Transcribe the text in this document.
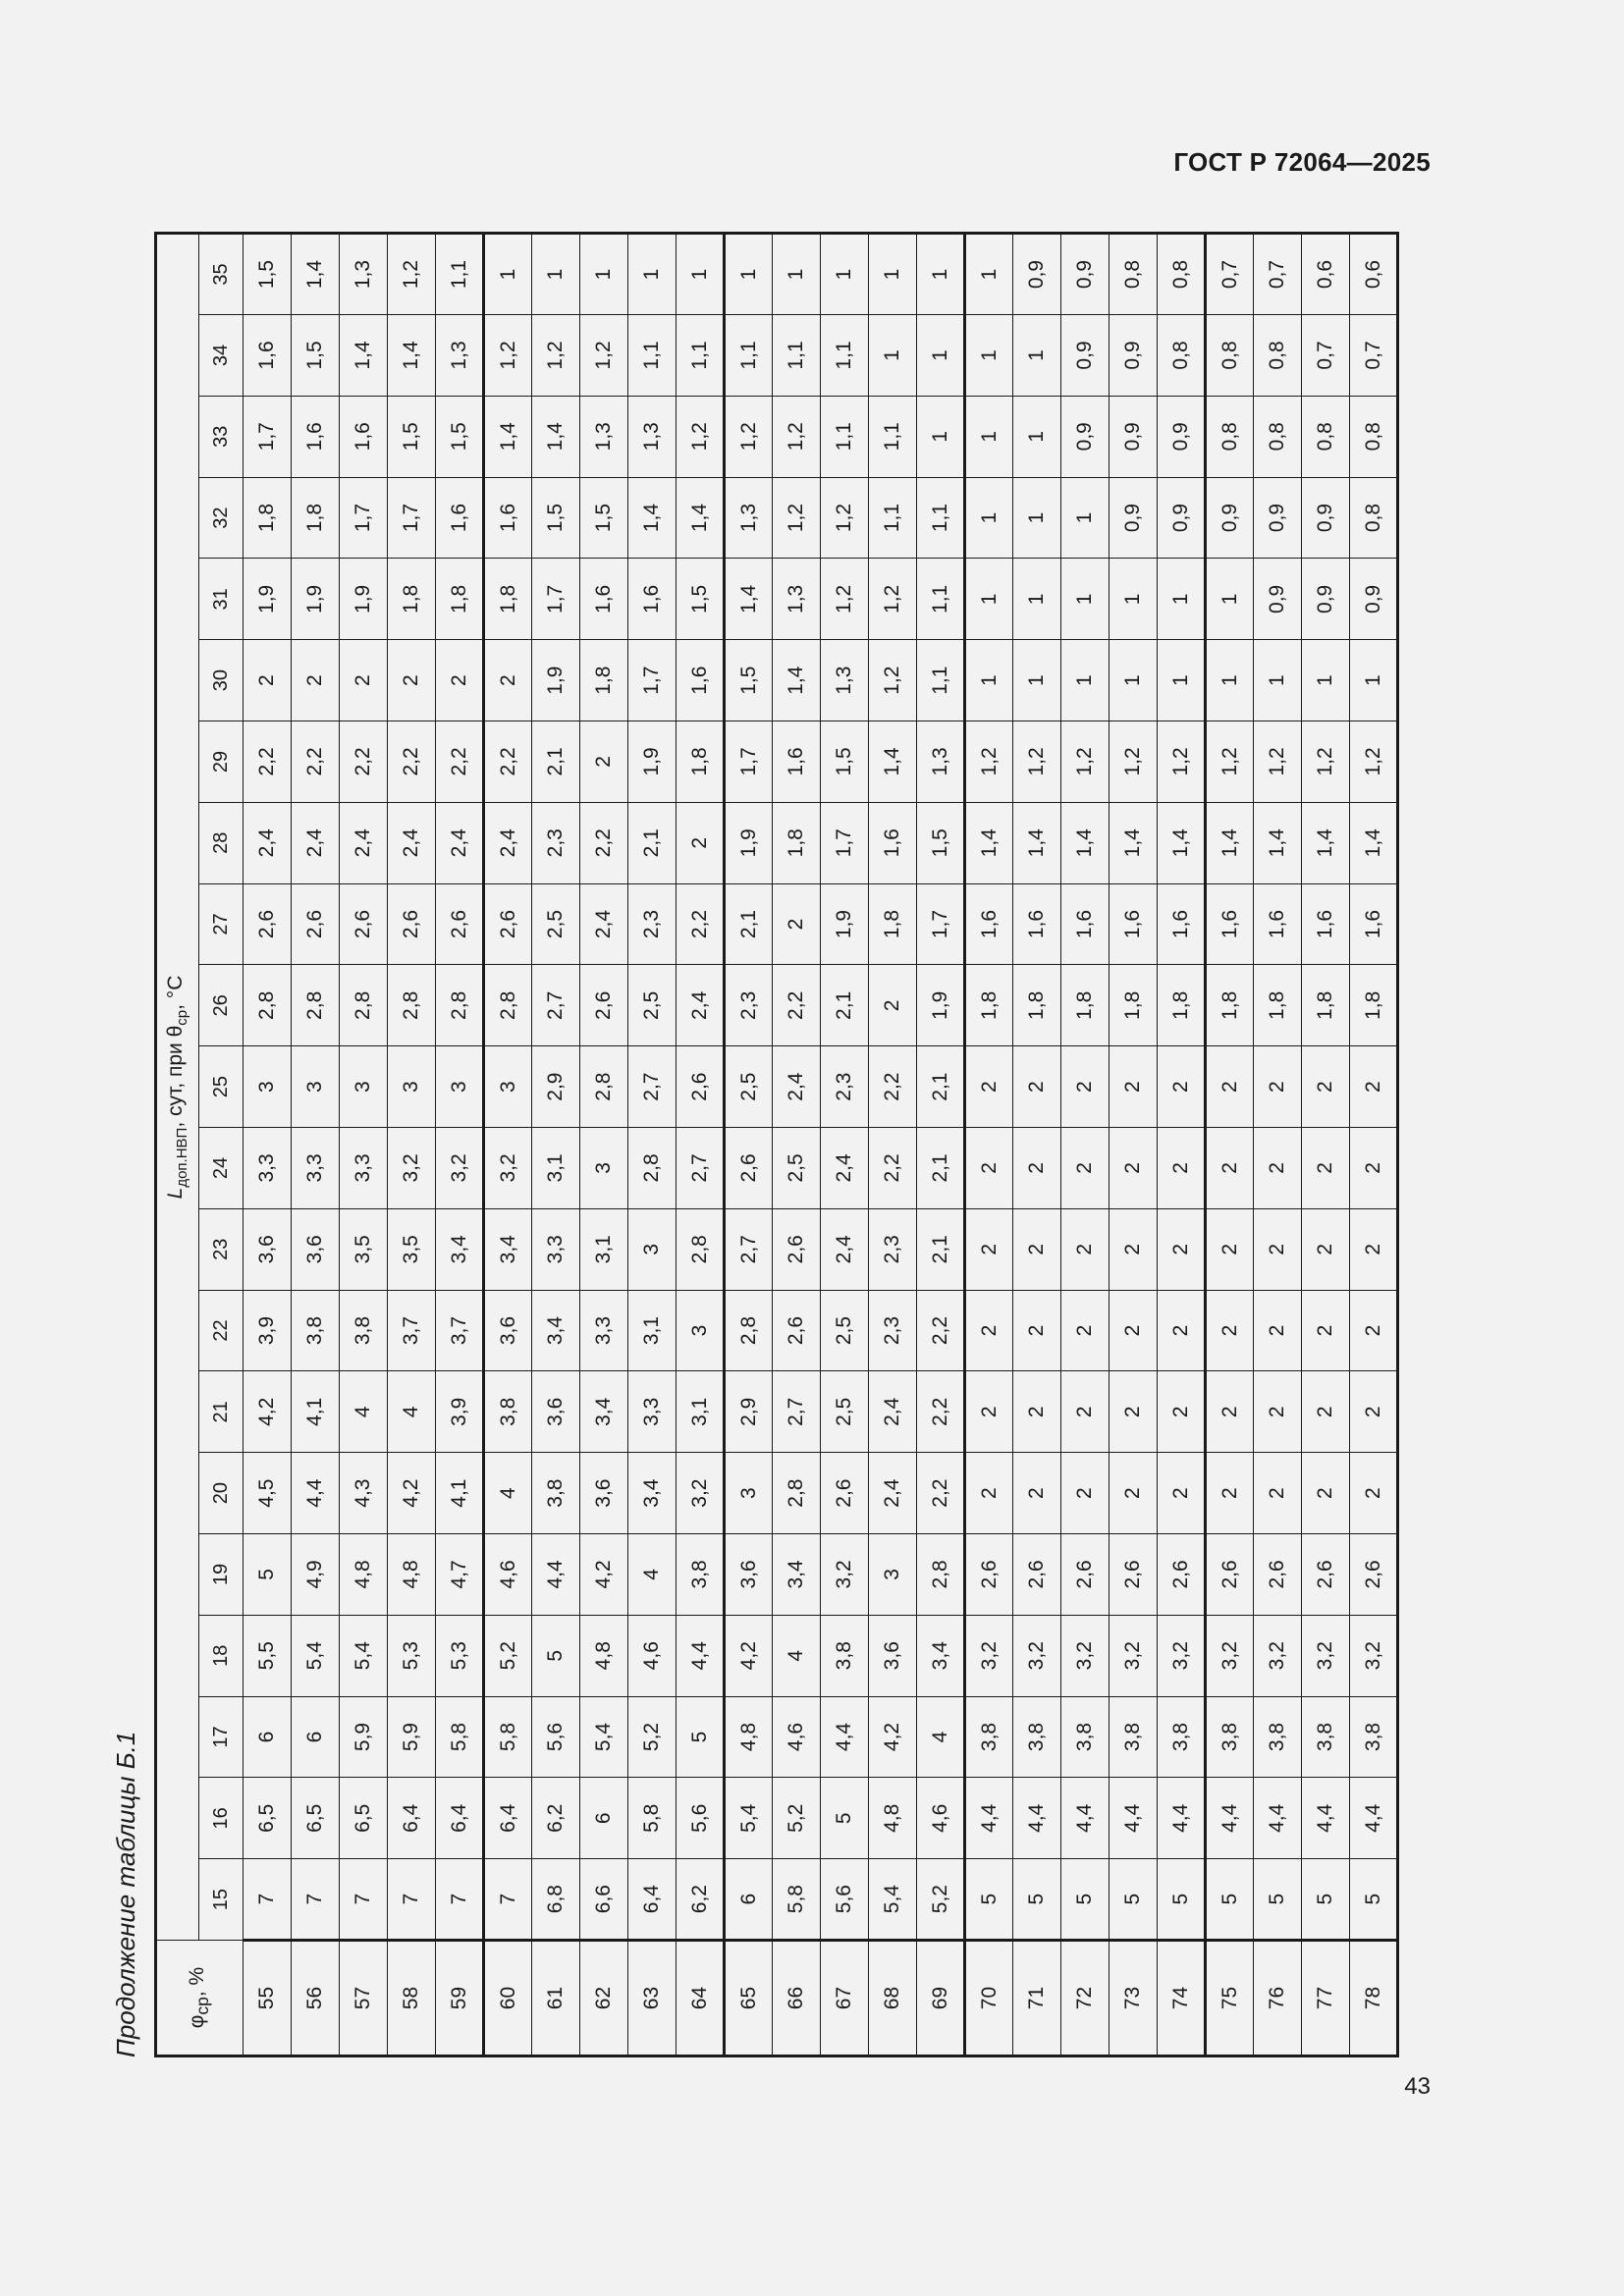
ГОСТ Р 72064—2025
Продолжение таблицы Б.1 $\varphi_{ср}$, %	$L_{доп.НВП}$, сут, при $\theta_{ср}$, °С																				
	15	16	17	18	19	20	21	22	23	24	25	26	27	28	29	30	31	32	33	34	35
55	7	6,5	6	5,5	5	4,5	4,2	3,9	3,6	3,3	3	2,8	2,6	2,4	2,2	2	1,9	1,8	1,7	1,6	1,5
56	7	6,5	6	5,4	4,9	4,4	4,1	3,8	3,6	3,3	3	2,8	2,6	2,4	2,2	2	1,9	1,8	1,6	1,5	1,4
57	7	6,5	5,9	5,4	4,8	4,3	4	3,8	3,5	3,3	3	2,8	2,6	2,4	2,2	2	1,9	1,7	1,6	1,4	1,3
58	7	6,4	5,9	5,3	4,8	4,2	4	3,7	3,5	3,2	3	2,8	2,6	2,4	2,2	2	1,8	1,7	1,5	1,4	1,2
59	7	6,4	5,8	5,3	4,7	4,1	3,9	3,7	3,4	3,2	3	2,8	2,6	2,4	2,2	2	1,8	1,6	1,5	1,3	1,1
60	7	6,4	5,8	5,2	4,6	4	3,8	3,6	3,4	3,2	3	2,8	2,6	2,4	2,2	2	1,8	1,6	1,4	1,2	1
61	6,8	6,2	5,6	5	4,4	3,8	3,6	3,4	3,3	3,1	2,9	2,7	2,5	2,3	2,1	1,9	1,7	1,5	1,4	1,2	1
62	6,6	6	5,4	4,8	4,2	3,6	3,4	3,3	3,1	3	2,8	2,6	2,4	2,2	2	1,8	1,6	1,5	1,3	1,2	1
63	6,4	5,8	5,2	4,6	4	3,4	3,3	3,1	3	2,8	2,7	2,5	2,3	2,1	1,9	1,7	1,6	1,4	1,3	1,1	1
64	6,2	5,6	5	4,4	3,8	3,2	3,1	3	2,8	2,7	2,6	2,4	2,2	2	1,8	1,6	1,5	1,4	1,2	1,1	1
65	6	5,4	4,8	4,2	3,6	3	2,9	2,8	2,7	2,6	2,5	2,3	2,1	1,9	1,7	1,5	1,4	1,3	1,2	1,1	1
66	5,8	5,2	4,6	4	3,4	2,8	2,7	2,6	2,6	2,5	2,4	2,2	2	1,8	1,6	1,4	1,3	1,2	1,2	1,1	1
67	5,6	5	4,4	3,8	3,2	2,6	2,5	2,5	2,4	2,4	2,3	2,1	1,9	1,7	1,5	1,3	1,2	1,2	1,1	1,1	1
68	5,4	4,8	4,2	3,6	3	2,4	2,4	2,3	2,3	2,2	2,2	2	1,8	1,6	1,4	1,2	1,2	1,1	1,1	1	1
69	5,2	4,6	4	3,4	2,8	2,2	2,2	2,2	2,1	2,1	2,1	1,9	1,7	1,5	1,3	1,1	1,1	1,1	1	1	1
70	5	4,4	3,8	3,2	2,6	2	2	2	2	2	2	1,8	1,6	1,4	1,2	1	1	1	1	1	1
71	5	4,4	3,8	3,2	2,6	2	2	2	2	2	2	1,8	1,6	1,4	1,2	1	1	1	1	1	0,9
72	5	4,4	3,8	3,2	2,6	2	2	2	2	2	2	1,8	1,6	1,4	1,2	1	1	1	0,9	0,9	0,9
73	5	4,4	3,8	3,2	2,6	2	2	2	2	2	2	1,8	1,6	1,4	1,2	1	1	0,9	0,9	0,9	0,8
74	5	4,4	3,8	3,2	2,6	2	2	2	2	2	2	1,8	1,6	1,4	1,2	1	1	0,9	0,9	0,8	0,8
75	5	4,4	3,8	3,2	2,6	2	2	2	2	2	2	1,8	1,6	1,4	1,2	1	1	0,9	0,8	0,8	0,7
76	5	4,4	3,8	3,2	2,6	2	2	2	2	2	2	1,8	1,6	1,4	1,2	1	0,9	0,9	0,8	0,8	0,7
77	5	4,4	3,8	3,2	2,6	2	2	2	2	2	2	1,8	1,6	1,4	1,2	1	0,9	0,9	0,8	0,7	0,6
78	5	4,4	3,8	3,2	2,6	2	2	2	2	2	2	1,8	1,6	1,4	1,2	1	0,9	0,8	0,8	0,7	0,6
43
